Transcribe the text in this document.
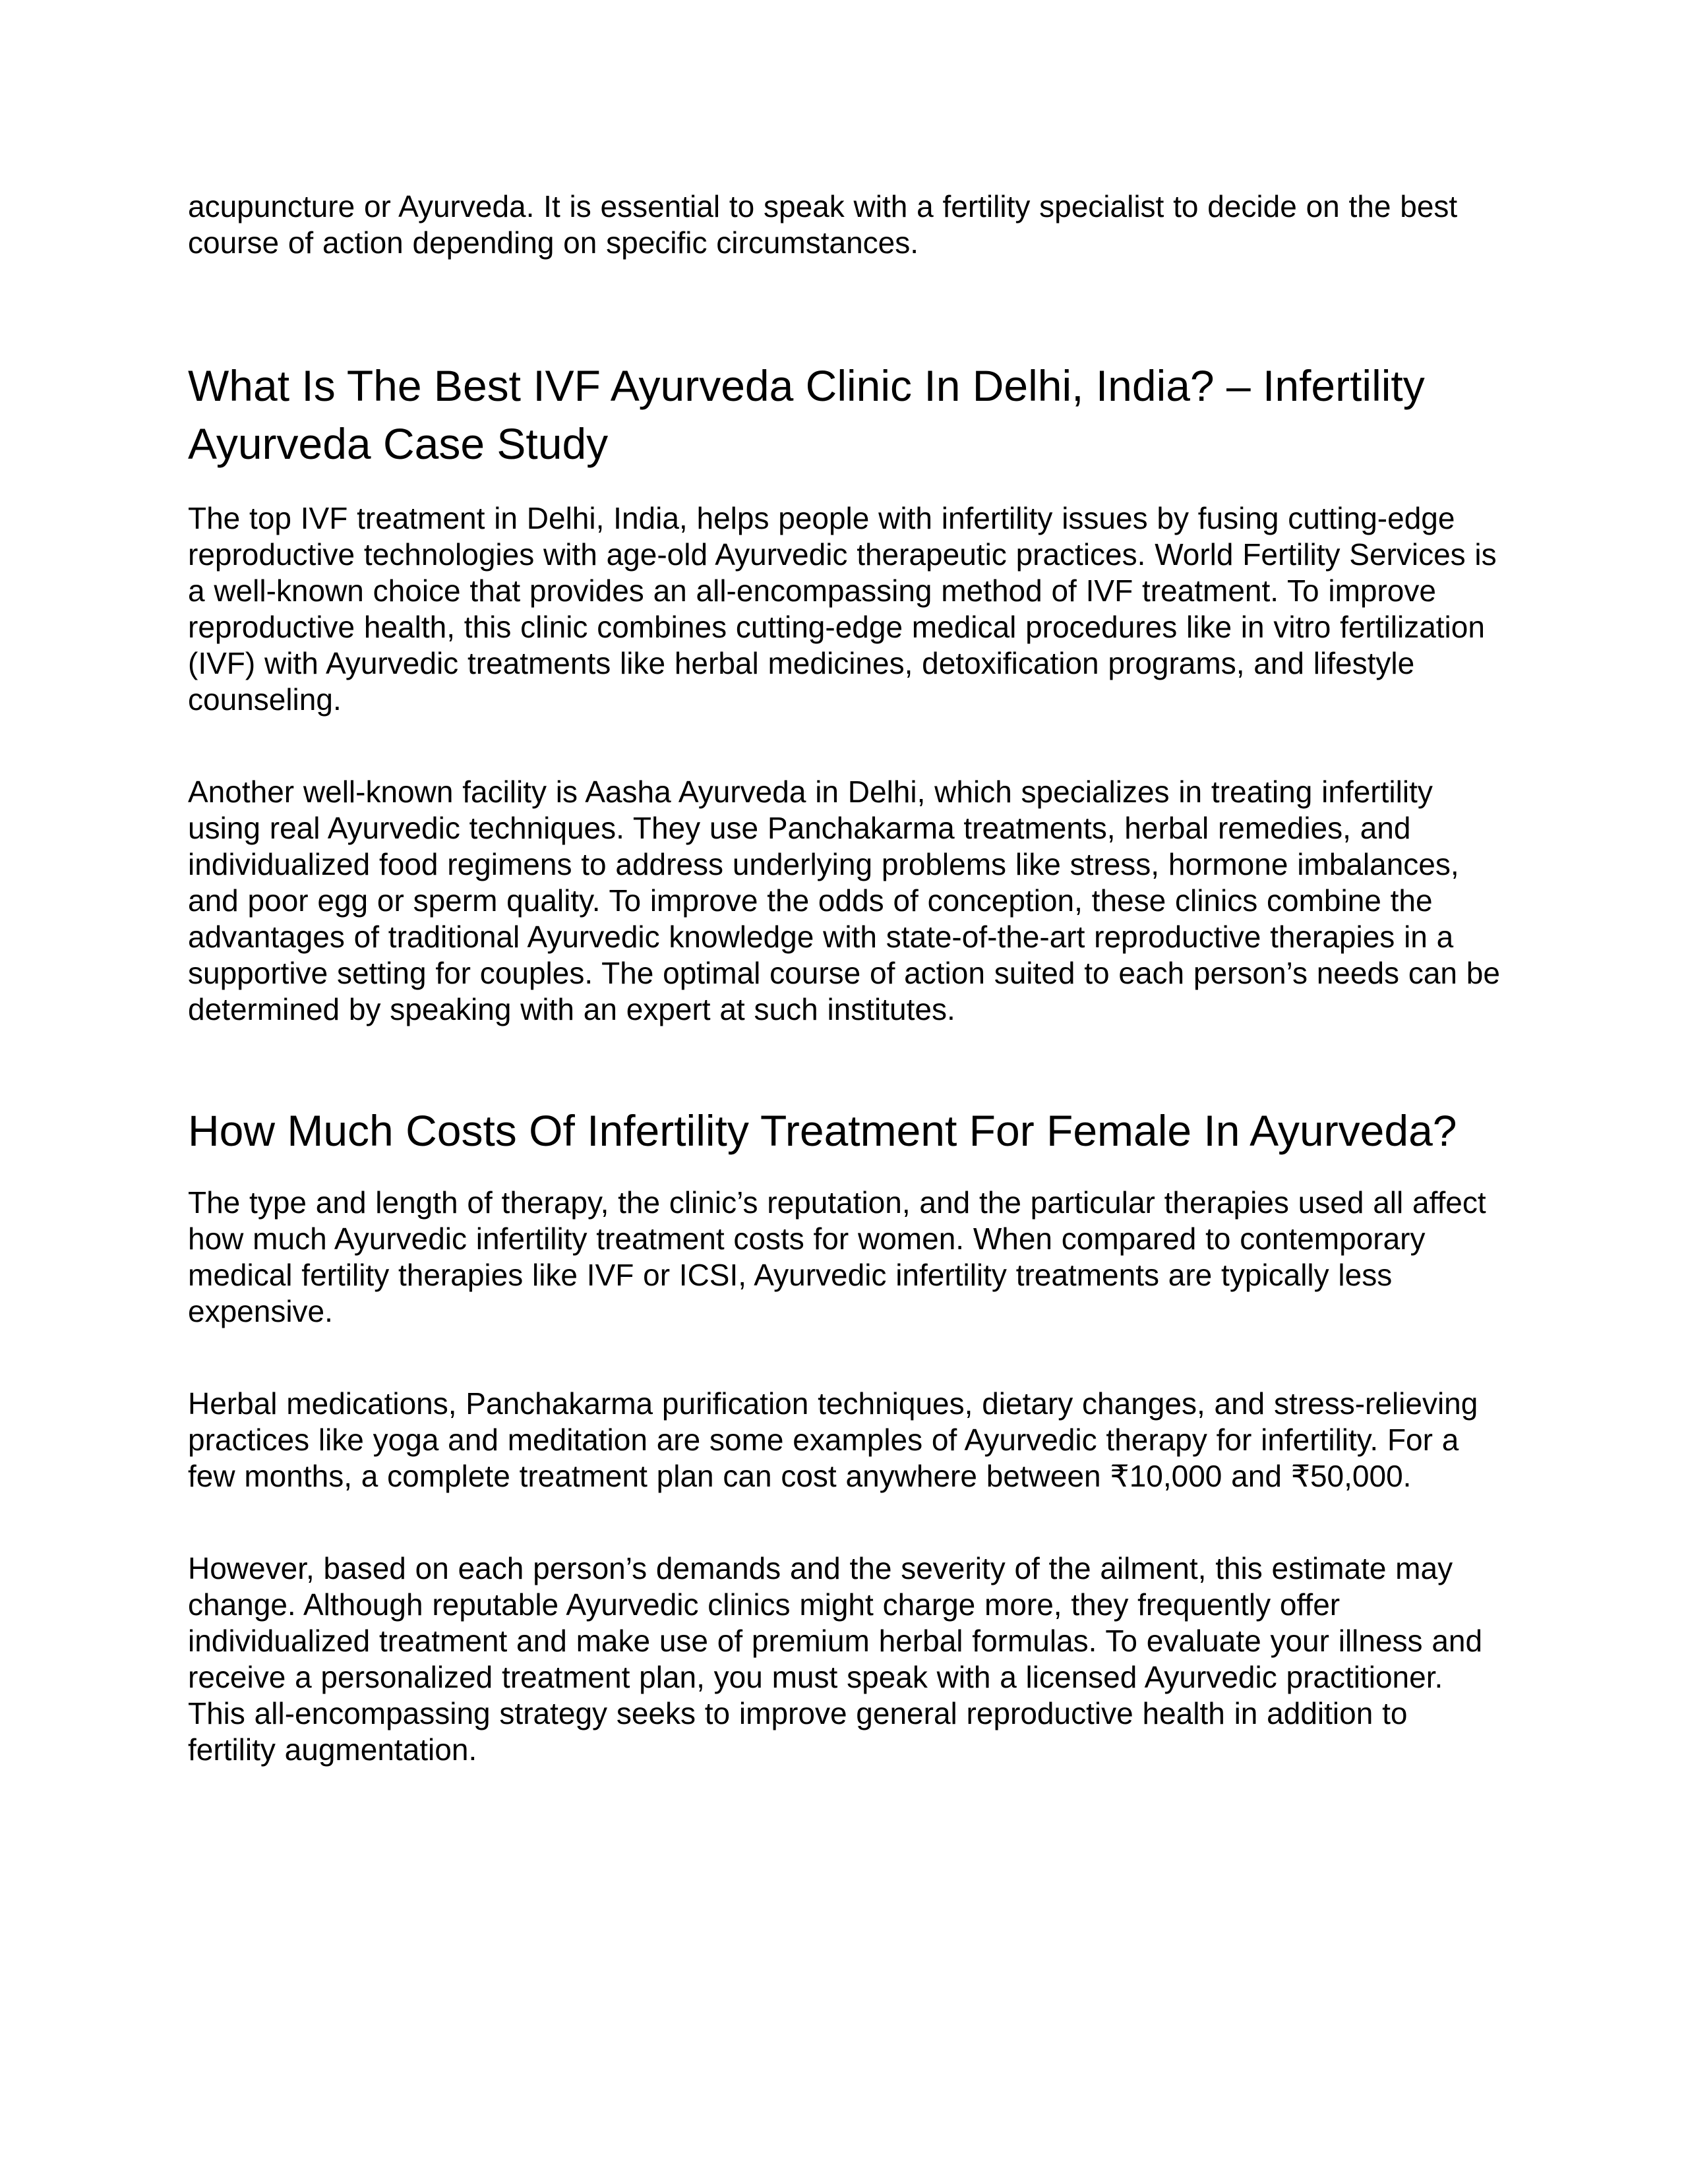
acupuncture or Ayurveda. It is essential to speak with a fertility specialist to decide on the best course of action depending on specific circumstances.

What Is The Best IVF Ayurveda Clinic In Delhi, India? – Infertility Ayurveda Case Study

The top IVF treatment in Delhi, India, helps people with infertility issues by fusing cutting-edge reproductive technologies with age-old Ayurvedic therapeutic practices. World Fertility Services is a well-known choice that provides an all-encompassing method of IVF treatment. To improve reproductive health, this clinic combines cutting-edge medical procedures like in vitro fertilization (IVF) with Ayurvedic treatments like herbal medicines, detoxification programs, and lifestyle counseling.

Another well-known facility is Aasha Ayurveda in Delhi, which specializes in treating infertility using real Ayurvedic techniques. They use Panchakarma treatments, herbal remedies, and individualized food regimens to address underlying problems like stress, hormone imbalances, and poor egg or sperm quality. To improve the odds of conception, these clinics combine the advantages of traditional Ayurvedic knowledge with state-of-the-art reproductive therapies in a supportive setting for couples. The optimal course of action suited to each person’s needs can be determined by speaking with an expert at such institutes.

How Much Costs Of Infertility Treatment For Female In Ayurveda?

The type and length of therapy, the clinic’s reputation, and the particular therapies used all affect how much Ayurvedic infertility treatment costs for women. When compared to contemporary medical fertility therapies like IVF or ICSI, Ayurvedic infertility treatments are typically less expensive.

Herbal medications, Panchakarma purification techniques, dietary changes, and stress-relieving practices like yoga and meditation are some examples of Ayurvedic therapy for infertility. For a few months, a complete treatment plan can cost anywhere between ₹10,000 and ₹50,000.

However, based on each person’s demands and the severity of the ailment, this estimate may change. Although reputable Ayurvedic clinics might charge more, they frequently offer individualized treatment and make use of premium herbal formulas. To evaluate your illness and receive a personalized treatment plan, you must speak with a licensed Ayurvedic practitioner. This all-encompassing strategy seeks to improve general reproductive health in addition to fertility augmentation.
